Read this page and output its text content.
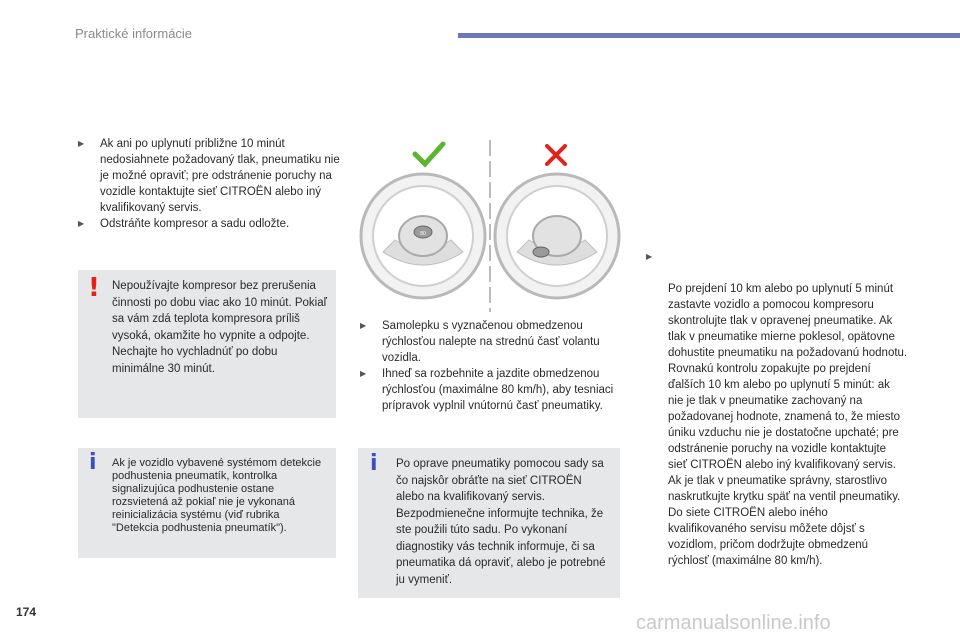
Praktické informácie
▶ Ak ani po uplynutí približne 10 minút nedosiahnete požadovaný tlak, pneumatiku nie je možné opraviť; pre odstránenie poruchy na vozidle kontaktujte sieť CITROËN alebo iný kvalifikovaný servis.
▶ Odstráňte kompresor a sadu odložte.
! Nepoužívajte kompresor bez prerušenia činnosti po dobu viac ako 10 minút. Pokiaľ sa vám zdá teplota kompresora príliš vysoká, okamžite ho vypnite a odpojte. Nechajte ho vychladnúť po dobu minimálne 30 minút.
i Ak je vozidlo vybavené systémom detekcie podhustenia pneumatík, kontrolka signalizujúca podhustenie ostane rozsvietená až pokiaľ nie je vykonaná reinicializácia systému (viď rubrika "Detekcia podhustenia pneumatík").
80
▶ Samolepku s vyznačenou obmedzenou rýchlosťou nalepte na strednú časť volantu vozidla.
▶ Ihneď sa rozbehnite a jazdite obmedzenou rýchlosťou (maximálne 80 km/h), aby tesniaci prípravok vyplnil vnútornú časť pneumatiky.
i Po oprave pneumatiky pomocou sady sa čo najskôr obráťte na sieť CITROËN alebo na kvalifikovaný servis. Bezpodmienečne informujte technika, že ste použili túto sadu. Po vykonaní diagnostiky vás technik informuje, či sa pneumatika dá opraviť, alebo je potrebné ju vymeniť.

▶

Po prejdení 10 km alebo po uplynutí 5 minút zastavte vozidlo a pomocou kompresoru skontrolujte tlak v opravenej pneumatike. Ak tlak v pneumatike mierne poklesol, opätovne dohustite pneumatiku na požadovanú hodnotu. Rovnakú kontrolu zopakujte po prejdení ďalších 10 km alebo po uplynutí 5 minút: ak nie je tlak v pneumatike zachovaný na požadovanej hodnote, znamená to, že miesto úniku vzduchu nie je dostatočne upchaté; pre odstránenie poruchy na vozidle kontaktujte sieť CITROËN alebo iný kvalifikovaný servis.
Ak je tlak v pneumatike správny, starostlivo naskrutkujte krytku späť na ventil pneumatiky. Do siete CITROËN alebo iného kvalifikovaného servisu môžete dôjsť s vozidlom, pričom dodržujte obmedzenú rýchlosť (maximálne 80 km/h).

174	carmanualsonline.info
